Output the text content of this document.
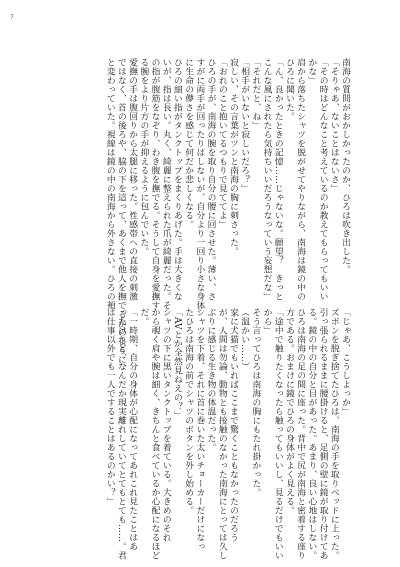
7
南海の質問がおかしかったのか、ひろは吹き出した。
「そりゃあ、ないことはないさ」
「その時はどんなこと考えているのか教えてもらってもいい
かな」
肩から落ちたシャツを脱がせてやりながら、南海は鏡の中の
ひろに聞いた。
「ん、良かったときの記憶……じゃないな。願望？　きっと
こんな風にされたら気持ちいいだろうなっていう妄想だな」
「それだと、ね」
「相手がいないと寂しいだろ？」
寂しい、その言葉がツンと南海の胸に刺さった。
「おれのこと抱いてるつもりで見ててよ」
ひろの手が、南海の腕を取り自分の腰に回させた。薄い、さ
すがに両手が回ったりはしないが、自分より一回り小さな身体
に生命の儚さを感じて何だか悲しくなる。
ひろの細い指がタンクトップをまくりあげた。手は大きくな
いが、指は長い。丸く、綺麗に整えられた爪が綺麗だった。そ
の指が腹筋をなぞり、わき腹を撫でる。そうして自身を愛撫す
る腕をより片方の手が抑えるように包んでいた。
愛撫の手は腹回りから太腿に移った。性感帯への直接の刺激
ではなく、首の後ろや、脇の下を這って、あくまで他人を撫でるかのように、
と変わっていた。視線は鏡の中の南海から外さない。ひろの頬
「じゃあ、こうしよっか」
ズボンを脱ぎ捨てたひろは、南海の手を取りベッドに上った。
引っ張られるままに腰掛けると、足側の壁に鏡が取り付けてあ
る。鏡の中の自分と目があった。あまり、良い心地はしない。
ひろは南海の足の間に座った。背中で尻が南海と密着する座り
方である。おまけに鏡でひろの身体がよく見える。
「途中で触りたくなったら触ってもいいし、見るだけでもいい
から」
そう言ってひろは南海の胸にもたれ掛かった。
（温かい……）
家に犬猫でもいればここまで驚くこともなかったのだろう
が、人間は勿論、動物とも接触のなかった南海にとっては久し
ぶりに感じる生き物の体温だった。
シャツを下着、それに首に巻いた太いチョーカーだけになっ
たひろは南海の前でシャツのボタンを外し始める。
「AVとか全然見ねえの？」
シャツの下に黒いタンクトップを着ている。大きめのそれ
から覗く肩や腕は細く、きちんと食べているか心配になるほど
だ。
「一時期、自分の身体が心配になってあれこれ見たことはあ
ったけれど、なんだか現実離れしていてとてもとても……。君
は仕事以外でも一人ですることはあるのかい？」
